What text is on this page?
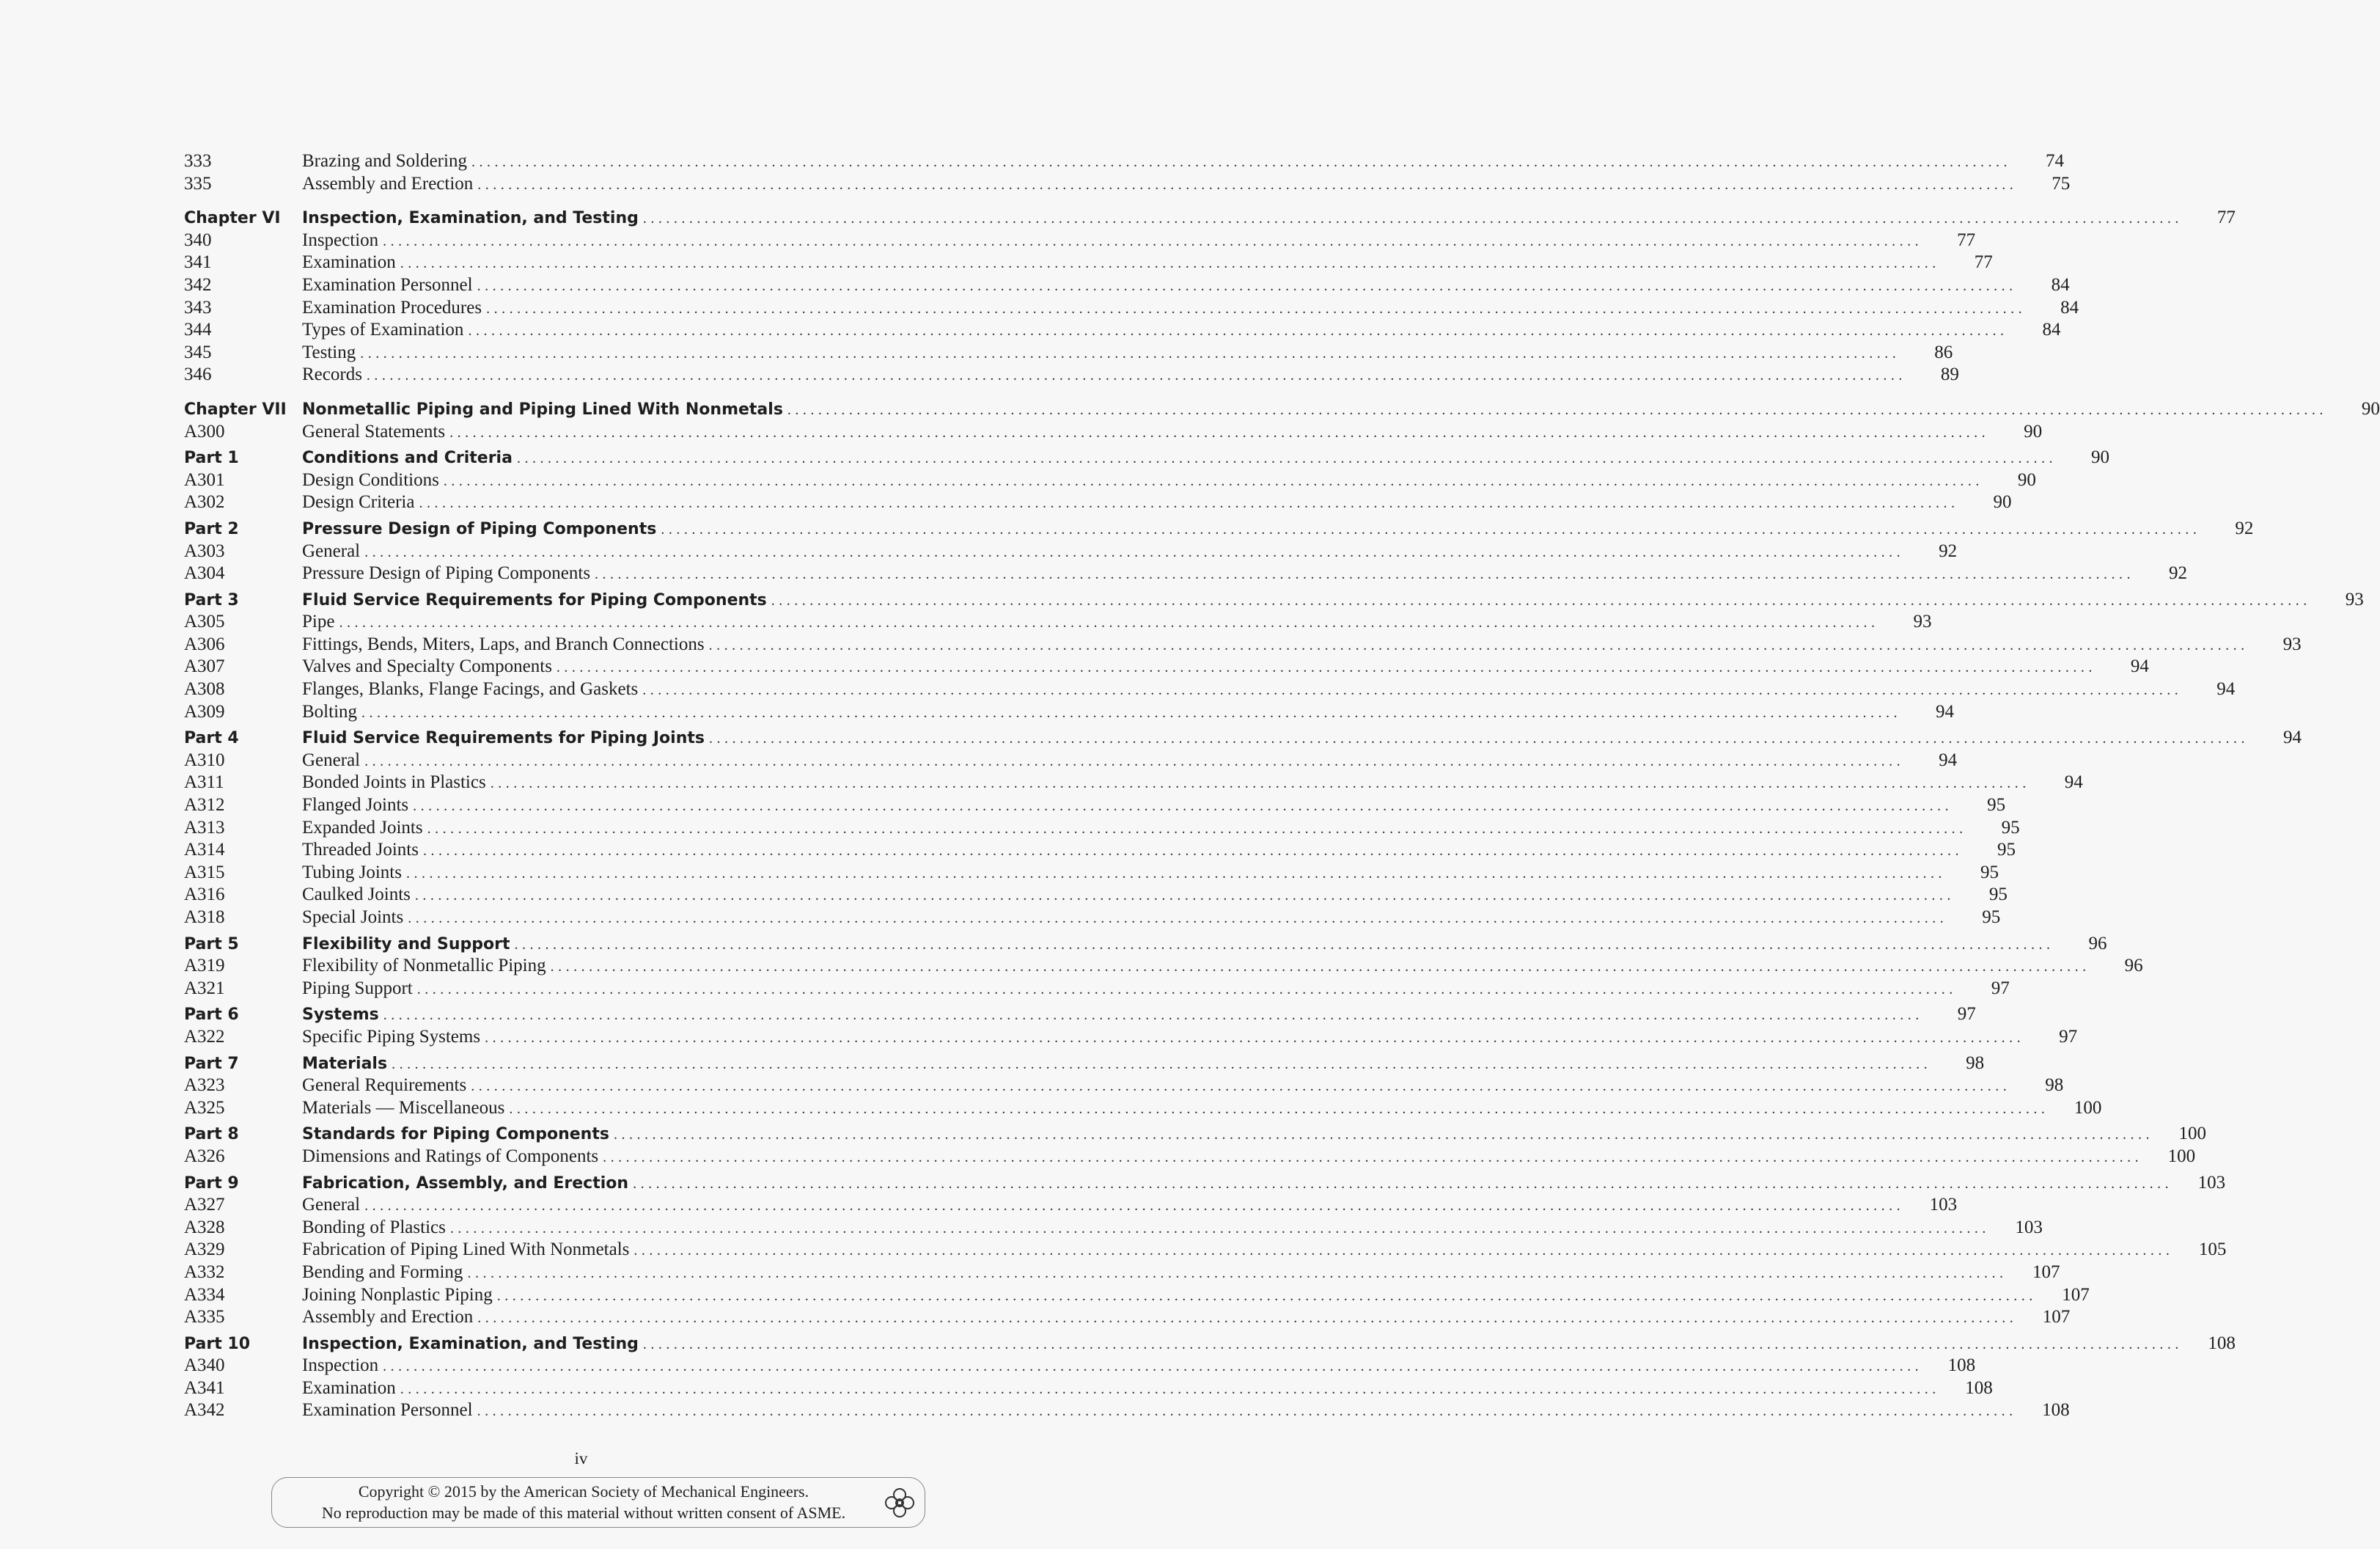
333	Brazing and Soldering ........................................................................................................................................................................................................	74
335	Assembly and Erection ........................................................................................................................................................................................................	75
Chapter VI	Inspection, Examination, and Testing ........................................................................................................................................................................................................	77
340	Inspection ........................................................................................................................................................................................................	77
341	Examination ........................................................................................................................................................................................................	77
342	Examination Personnel ........................................................................................................................................................................................................	84
343	Examination Procedures ........................................................................................................................................................................................................	84
344	Types of Examination ........................................................................................................................................................................................................	84
345	Testing ........................................................................................................................................................................................................	86
346	Records ........................................................................................................................................................................................................	89
Chapter VII Nonmetallic Piping and Piping Lined With Nonmetals ........................................................................................................................................................................................................	90
A300	General Statements ........................................................................................................................................................................................................	90
Part 1	Conditions and Criteria ........................................................................................................................................................................................................	90
A301	Design Conditions ........................................................................................................................................................................................................	90
A302	Design Criteria ........................................................................................................................................................................................................	90
Part 2	Pressure Design of Piping Components ........................................................................................................................................................................................................	92
A303	General ........................................................................................................................................................................................................	92
A304	Pressure Design of Piping Components ........................................................................................................................................................................................................	92
Part 3	Fluid Service Requirements for Piping Components ........................................................................................................................................................................................................	93
A305	Pipe ........................................................................................................................................................................................................	93
A306	Fittings, Bends, Miters, Laps, and Branch Connections ........................................................................................................................................................................................................	93
A307	Valves and Specialty Components ........................................................................................................................................................................................................	94
A308	Flanges, Blanks, Flange Facings, and Gaskets ........................................................................................................................................................................................................	94
A309	Bolting ........................................................................................................................................................................................................	94
Part 4	Fluid Service Requirements for Piping Joints ........................................................................................................................................................................................................	94
A310	General ........................................................................................................................................................................................................	94
A311	Bonded Joints in Plastics ........................................................................................................................................................................................................	94
A312	Flanged Joints ........................................................................................................................................................................................................	95
A313	Expanded Joints ........................................................................................................................................................................................................	95
A314	Threaded Joints ........................................................................................................................................................................................................	95
A315	Tubing Joints ........................................................................................................................................................................................................	95
A316	Caulked Joints ........................................................................................................................................................................................................	95
A318	Special Joints ........................................................................................................................................................................................................	95
Part 5	Flexibility and Support ........................................................................................................................................................................................................	96
A319	Flexibility of Nonmetallic Piping ........................................................................................................................................................................................................	96
A321	Piping Support ........................................................................................................................................................................................................	97
Part 6	Systems ........................................................................................................................................................................................................	97
A322	Specific Piping Systems ........................................................................................................................................................................................................	97
Part 7	Materials ........................................................................................................................................................................................................	98
A323	General Requirements ........................................................................................................................................................................................................	98
A325	Materials — Miscellaneous ........................................................................................................................................................................................................	100
Part 8	Standards for Piping Components ........................................................................................................................................................................................................	100
A326	Dimensions and Ratings of Components ........................................................................................................................................................................................................	100
Part 9	Fabrication, Assembly, and Erection ........................................................................................................................................................................................................	103
A327	General ........................................................................................................................................................................................................	103
A328	Bonding of Plastics ........................................................................................................................................................................................................	103
A329	Fabrication of Piping Lined With Nonmetals ........................................................................................................................................................................................................	105
A332	Bending and Forming ........................................................................................................................................................................................................	107
A334	Joining Nonplastic Piping ........................................................................................................................................................................................................	107
A335	Assembly and Erection ........................................................................................................................................................................................................	107
Part 10	Inspection, Examination, and Testing ........................................................................................................................................................................................................	108
A340	Inspection ........................................................................................................................................................................................................	108
A341	Examination ........................................................................................................................................................................................................	108
A342	Examination Personnel ........................................................................................................................................................................................................	108
iv
Copyright © 2015 by the American Society of Mechanical Engineers.
No reproduction may be made of this material without written consent of ASME.
